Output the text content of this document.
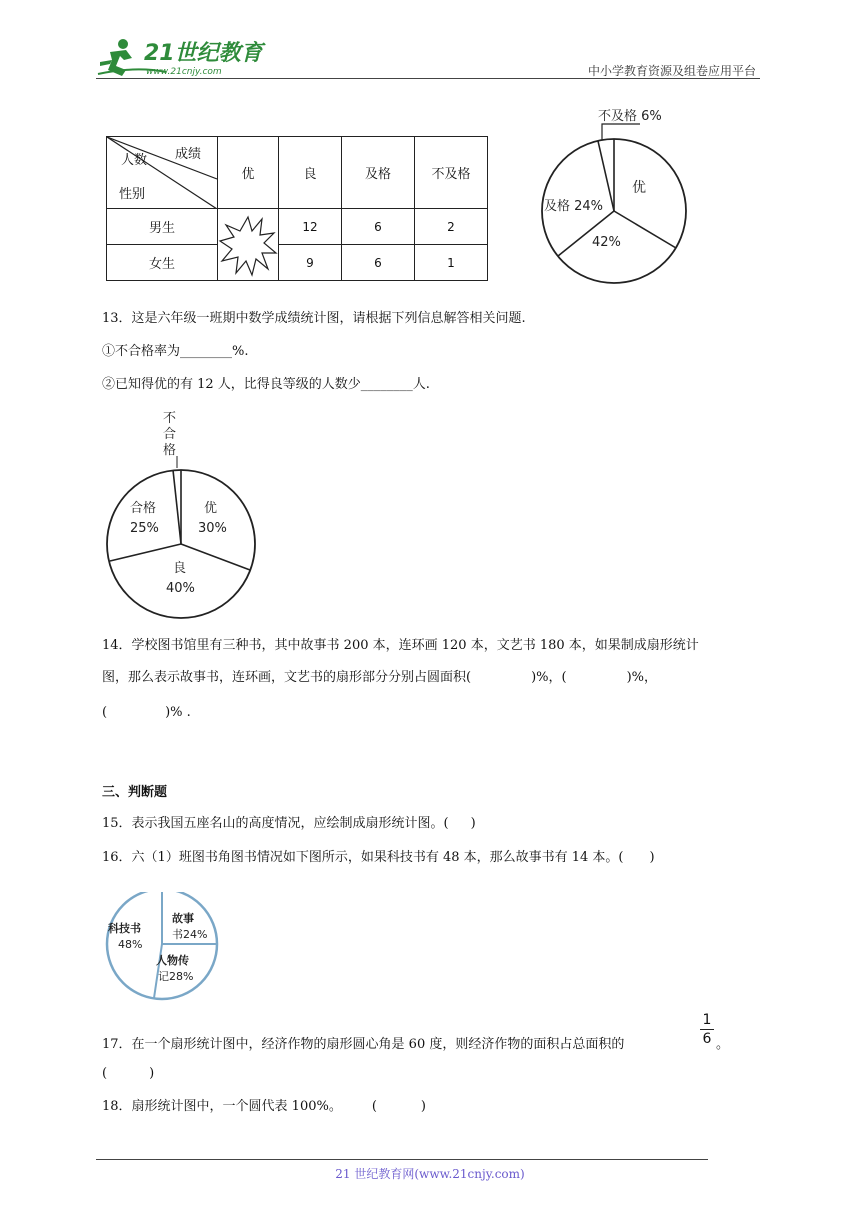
21世纪教育
www.21cnjy.com	中小学教育资源及组卷应用平台
成绩
人数
性别	优	良	及格	不及格
男生		12	6	2
女生		9	6	1
不及格 6%
及格 24%
优
42%
13．这是六年级一班期中数学成绩统计图，请根据下列信息解答相关问题.
①不合格率为________%.
②已知得优的有 12 人，比得良等级的人数少________人.
不
合
格
优
30%
合格
25%
良
40%
14．学校图书馆里有三种书，其中故事书 200 本，连环画 120 本，文艺书 180 本，如果制成扇形统计
图，那么表示故事书，连环画，文艺书的扇形部分分别占圆面积(	)%，(	)%，
(	)% .
三、判断题
15．表示我国五座名山的高度情况，应绘制成扇形统计图。( )
16．六（1）班图书角图书情况如下图所示，如果科技书有 48 本，那么故事书有 14 本。( )
科技书
48%
故事
书24%
人物传
记28%
17．在一个扇形统计图中，经济作物的扇形圆心角是 60 度，则经济作物的面积占总面积的
1
6 。
(	)
18．扇形统计图中，一个圆代表 100%。 (	)
21 世纪教育网(www.21cnjy.com)
